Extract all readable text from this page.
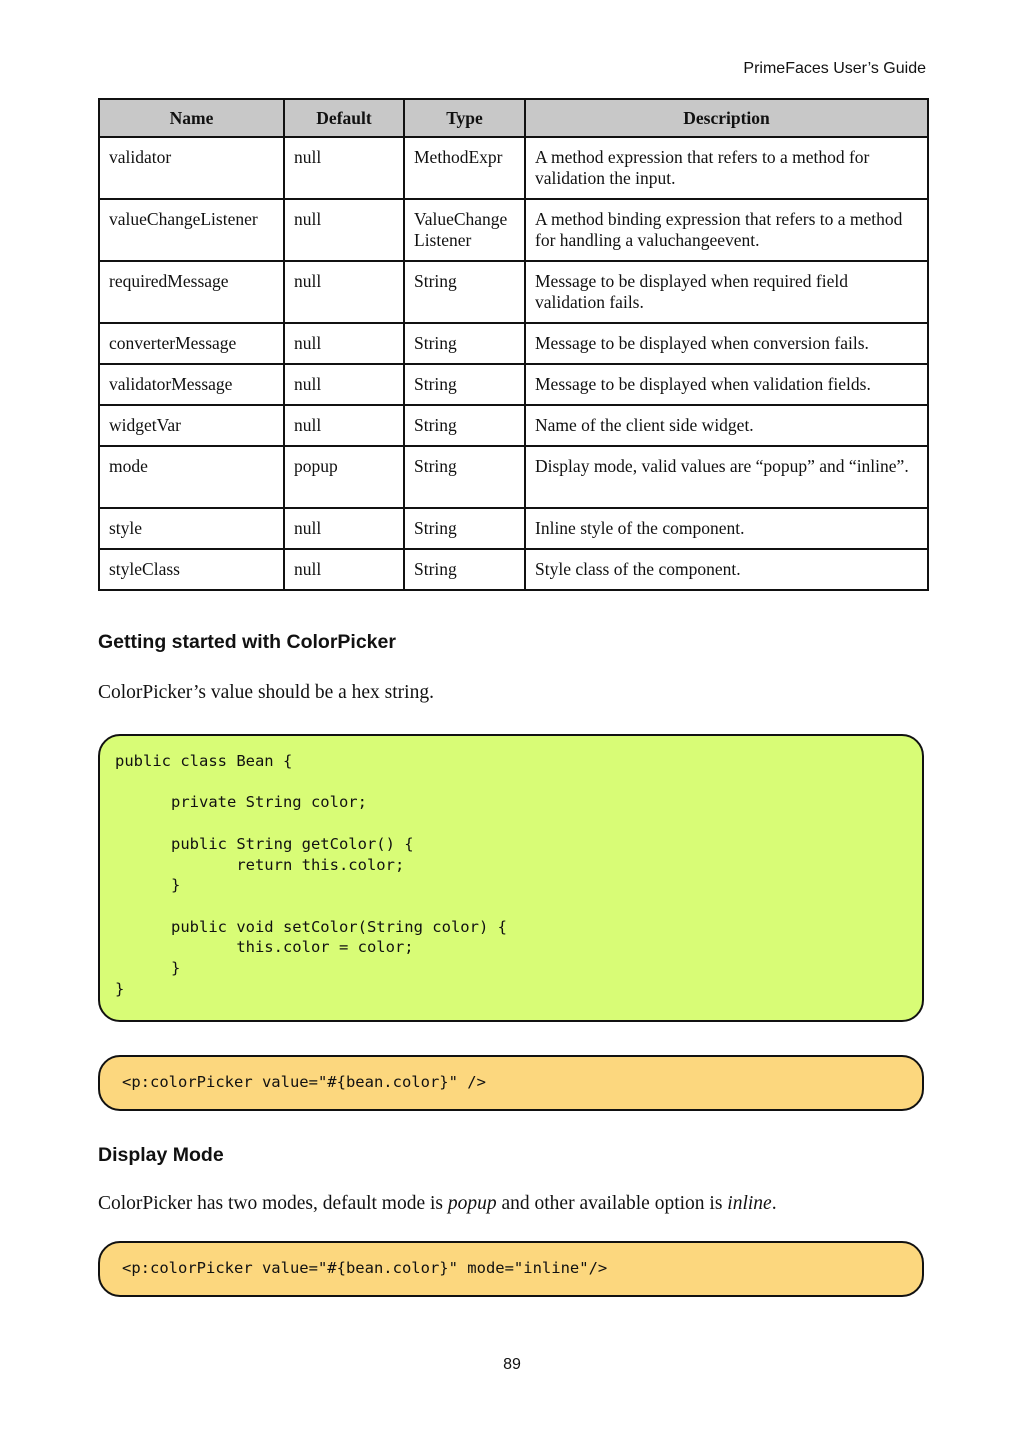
PrimeFaces User’s Guide
Name	Default	Type	Description
validator	null	MethodExpr	A method expression that refers to a method for validation the input.
valueChangeListener	null	ValueChange Listener	A method binding expression that refers to a method for handling a valuchangeevent.
requiredMessage	null	String	Message to be displayed when required field validation fails.
converterMessage	null	String	Message to be displayed when conversion fails.
validatorMessage	null	String	Message to be displayed when validation fields.
widgetVar	null	String	Name of the client side widget.
mode	popup	String	Display mode, valid values are “popup” and “inline”.
style	null	String	Inline style of the component.
styleClass	null	String	Style class of the component.
Getting started with ColorPicker

ColorPicker’s value should be a hex string.

public class Bean {

private String color;

public String getColor() {
return this.color;
}

public void setColor(String color) {
this.color = color;
}
}
<p:colorPicker value="#{bean.color}" />
Display Mode

ColorPicker has two modes, default mode is popup and other available option is inline.

<p:colorPicker value="#{bean.color}" mode="inline"/>
89
